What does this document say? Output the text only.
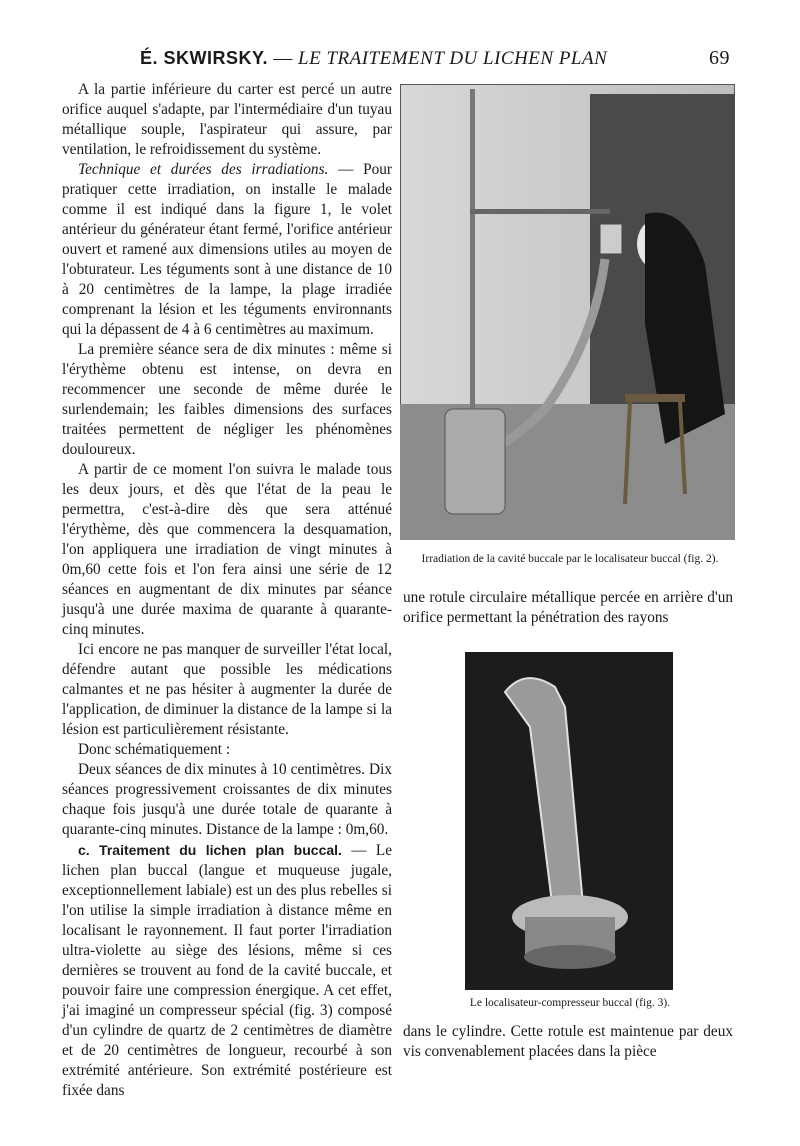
É. SKWIRSKY. — LE TRAITEMENT DU LICHEN PLAN	69

A la partie inférieure du carter est percé un autre orifice auquel s'adapte, par l'intermédiaire d'un tuyau métallique souple, l'aspirateur qui assure, par ventilation, le refroidissement du système.

Technique et durées des irradiations. — Pour pratiquer cette irradiation, on installe le malade comme il est indiqué dans la figure 1, le volet antérieur du générateur étant fermé, l'orifice antérieur ouvert et ramené aux dimensions utiles au moyen de l'obturateur. Les téguments sont à une distance de 10 à 20 centimètres de la lampe, la plage irradiée comprenant la lésion et les téguments environnants qui la dépassent de 4 à 6 centimètres au maximum.

La première séance sera de dix minutes : même si l'érythème obtenu est intense, on devra en recommencer une seconde de même durée le surlendemain; les faibles dimensions des surfaces traitées permettent de négliger les phénomènes douloureux.

A partir de ce moment l'on suivra le malade tous les deux jours, et dès que l'état de la peau le permettra, c'est-à-dire dès que sera atténué l'érythème, dès que commencera la desquamation, l'on appliquera une irradiation de vingt minutes à 0m,60 cette fois et l'on fera ainsi une série de 12 séances en augmentant de dix minutes par séance jusqu'à une durée maxima de quarante à quarante-cinq minutes.

Ici encore ne pas manquer de surveiller l'état local, défendre autant que possible les médications calmantes et ne pas hésiter à augmenter la durée de l'application, de diminuer la distance de la lampe si la lésion est particulièrement résistante.

Donc schématiquement :

Deux séances de dix minutes à 10 centimètres. Dix séances progressivement croissantes de dix minutes chaque fois jusqu'à une durée totale de quarante à quarante-cinq minutes. Distance de la lampe : 0m,60.

c. Traitement du lichen plan buccal. — Le lichen plan buccal (langue et muqueuse jugale, exceptionnellement labiale) est un des plus rebelles si l'on utilise la simple irradiation à distance même en localisant le rayonnement. Il faut porter l'irradiation ultra-violette au siège des lésions, même si ces dernières se trouvent au fond de la cavité buccale, et pouvoir faire une compression énergique. A cet effet, j'ai imaginé un compresseur spécial (fig. 3) composé d'un cylindre de quartz de 2 centimètres de diamètre et de 20 centimètres de longueur, recourbé à son extrémité antérieure. Son extrémité postérieure est fixée dans

Irradiation de la cavité buccale par le localisateur buccal (fig. 2).
une rotule circulaire métallique percée en arrière d'un orifice permettant la pénétration des rayons
Le localisateur-compresseur buccal (fig. 3).
dans le cylindre. Cette rotule est maintenue par deux vis convenablement placées dans la pièce
